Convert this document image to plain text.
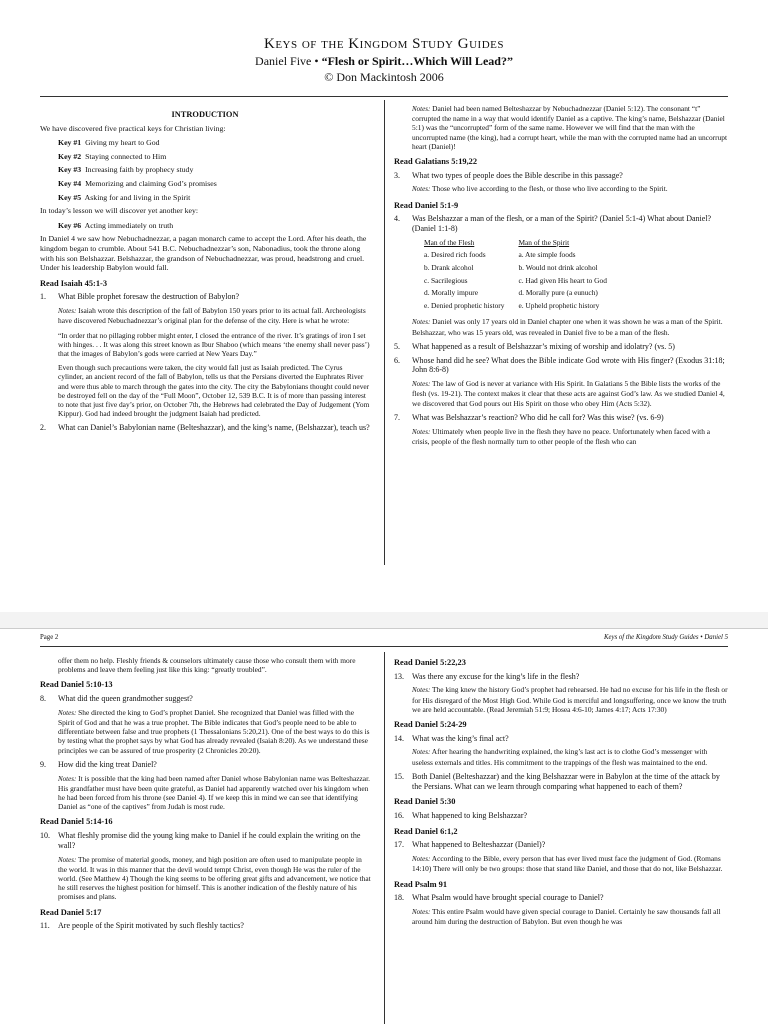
Keys of the Kingdom Study Guides
Daniel Five • “Flesh or Spirit…Which Will Lead?”
© Don Mackintosh 2006
INTRODUCTION

We have discovered five practical keys for Christian living:

Key #1 Giving my heart to God
Key #2 Staying connected to Him
Key #3 Increasing faith by prophecy study
Key #4 Memorizing and claiming God’s promises
Key #5 Asking for and living in the Spirit

In today’s lesson we will discover yet another key:

Key #6 Acting immediately on truth

In Daniel 4 we saw how Nebuchadnezzar, a pagan monarch came to accept the Lord. After his death, the kingdom began to crumble. About 541 B.C. Nebuchadnezzar’s son, Nabonadius, took the throne along with his son Belshazzar. Belshazzar, the grandson of Nebuchadnezzar, was proud, headstrong and cruel. Under his leadership Babylon would fall.

Read Isaiah 45:1-3
1. What Bible prophet foresaw the destruction of Babylon?
Notes: Isaiah wrote this description of the fall of Babylon 150 years prior to its actual fall. Archeologists have discovered Nebuchadnezzar’s original plan for the defense of the city. Here is what he wrote:
“In order that no pillaging robber might enter, I closed the entrance of the river. It’s gratings of iron I set with hinges. . . It was along this street known as Ibur Shaboo (which means ‘the enemy shall never pass’) that the images of Babylon’s gods were carried at New Years Day.”
Even though such precautions were taken, the city would fall just as Isaiah predicted. The Cyrus cylinder, an ancient record of the fall of Babylon, tells us that the Persians diverted the Euphrates River and were thus able to march through the gates into the city. The city the Babylonians thought could never be destroyed fell on the day of the “Full Moon”, October 12, 539 B.C. It is of more than passing interest to note that just five day’s prior, on October 7th, the Hebrews had celebrated the Day of Judgement (Yom Kippur). God had indeed brought the judgment Isaiah had predicted.
2. What can Daniel’s Babylonian name (Belteshazzar), and the king’s name, (Belshazzar), teach us?
Notes: Daniel had been named Belteshazzar by Nebuchadnezzar (Daniel 5:12). The consonant “t” corrupted the name in a way that would identify Daniel as a captive. The king’s name, Belshazzar (Daniel 5:1) was the “uncorrupted” form of the same name. However we will find that the man with the uncorrupted name (the king), had a corrupt heart, while the man with the corrupted name had an uncorrupt heart (Daniel)!
Read Galatians 5:19,22
3. What two types of people does the Bible describe in this passage?
Notes: Those who live according to the flesh, or those who live according to the Spirit.
Read Daniel 5:1-9
4. Was Belshazzar a man of the flesh, or a man of the Spirit? (Daniel 5:1-4) What about Daniel? (Daniel 1:1-8)
Man of the Flesh	Man of the Spirit
a. Desired rich foods	a. Ate simple foods
b. Drank alcohol	b. Would not drink alcohol
c. Sacrilegious	c. Had given His heart to God
d. Morally impure	d. Morally pure (a eunuch)
e. Denied prophetic history	e. Upheld prophetic history
Notes: Daniel was only 17 years old in Daniel chapter one when it was shown he was a man of the Spirit. Belshazzar, who was 15 years old, was revealed in Daniel five to be a man of the flesh.
5. What happened as a result of Belshazzar’s mixing of worship and idolatry? (vs. 5)
6. Whose hand did he see? What does the Bible indicate God wrote with His finger? (Exodus 31:18; John 8:6-8)
Notes: The law of God is never at variance with His Spirit. In Galatians 5 the Bible lists the works of the flesh (vs. 19-21). The context makes it clear that these acts are against God’s law. As we studied Daniel 4, we discovered that God pours out His Spirit on those who obey Him (Acts 5:32).
7. What was Belshazzar’s reaction? Who did he call for? Was this wise? (vs. 6-9)
Notes: Ultimately when people live in the flesh they have no peace. Unfortunately when faced with a crisis, people of the flesh normally turn to other people of the flesh who can
Page 2	Keys of the Kingdom Study Guides • Daniel 5
offer them no help. Fleshly friends & counselors ultimately cause those who consult them with more problems and leave them feeling just like this king: “greatly troubled”.
Read Daniel 5:10-13
8. What did the queen grandmother suggest?
Notes: She directed the king to God’s prophet Daniel. She recognized that Daniel was filled with the Spirit of God and that he was a true prophet. The Bible indicates that God’s people need to be able to differentiate between false and true prophets (1 Thessalonians 5:20,21). One of the best ways to do this is by testing what the prophet says by what God has already revealed (Isaiah 8:20). As we understand these principles we can be assured of true prosperity (2 Chronicles 20:20).
9. How did the king treat Daniel?
Notes: It is possible that the king had been named after Daniel whose Babylonian name was Belteshazzar. His grandfather must have been quite grateful, as Daniel had apparently watched over his kingdom when he had been forced from his throne (see Daniel 4). If we keep this in mind we can see that identifying Daniel as “one of the captives” from Judah is most rude.
Read Daniel 5:14-16
10. What fleshly promise did the young king make to Daniel if he could explain the writing on the wall?
Notes: The promise of material goods, money, and high position are often used to manipulate people in the world. It was in this manner that the devil would tempt Christ, even though He was the ruler of the world. (See Matthew 4) Though the king seems to be offering great gifts and advancement, we notice that he still reserves the highest position for himself. This is another indication of the fleshly nature of his promises and plans.
Read Daniel 5:17
11. Are people of the Spirit motivated by such fleshly tactics?
Read Daniel 5:22,23
13. Was there any excuse for the king’s life in the flesh?
Notes: The king knew the history God’s prophet had rehearsed. He had no excuse for his life in the flesh or for His disregard of the Most High God. While God is merciful and longsuffering, once we know the truth we are held accountable. (Read Jeremiah 51:9; Hosea 4:6-10; James 4:17; Acts 17:30)
Read Daniel 5:24-29
14. What was the king’s final act?
Notes: After hearing the handwriting explained, the king’s last act is to clothe God’s messenger with useless externals and titles. His commitment to the trappings of the flesh was maintained to the end.
15. Both Daniel (Belteshazzar) and the king Belshazzar were in Babylon at the time of the attack by the Persians. What can we learn through comparing what happened to each of them?
Read Daniel 5:30
16. What happened to king Belshazzar?
Read Daniel 6:1,2
17. What happened to Belteshazzar (Daniel)?
Notes: According to the Bible, every person that has ever lived must face the judgment of God. (Romans 14:10) There will only be two groups: those that stand like Daniel, and those that do not, like Belshazzar.
Read Psalm 91
18. What Psalm would have brought special courage to Daniel?
Notes: This entire Psalm would have given special courage to Daniel. Certainly he saw thousands fall all around him during the destruction of Babylon. But even though he was
